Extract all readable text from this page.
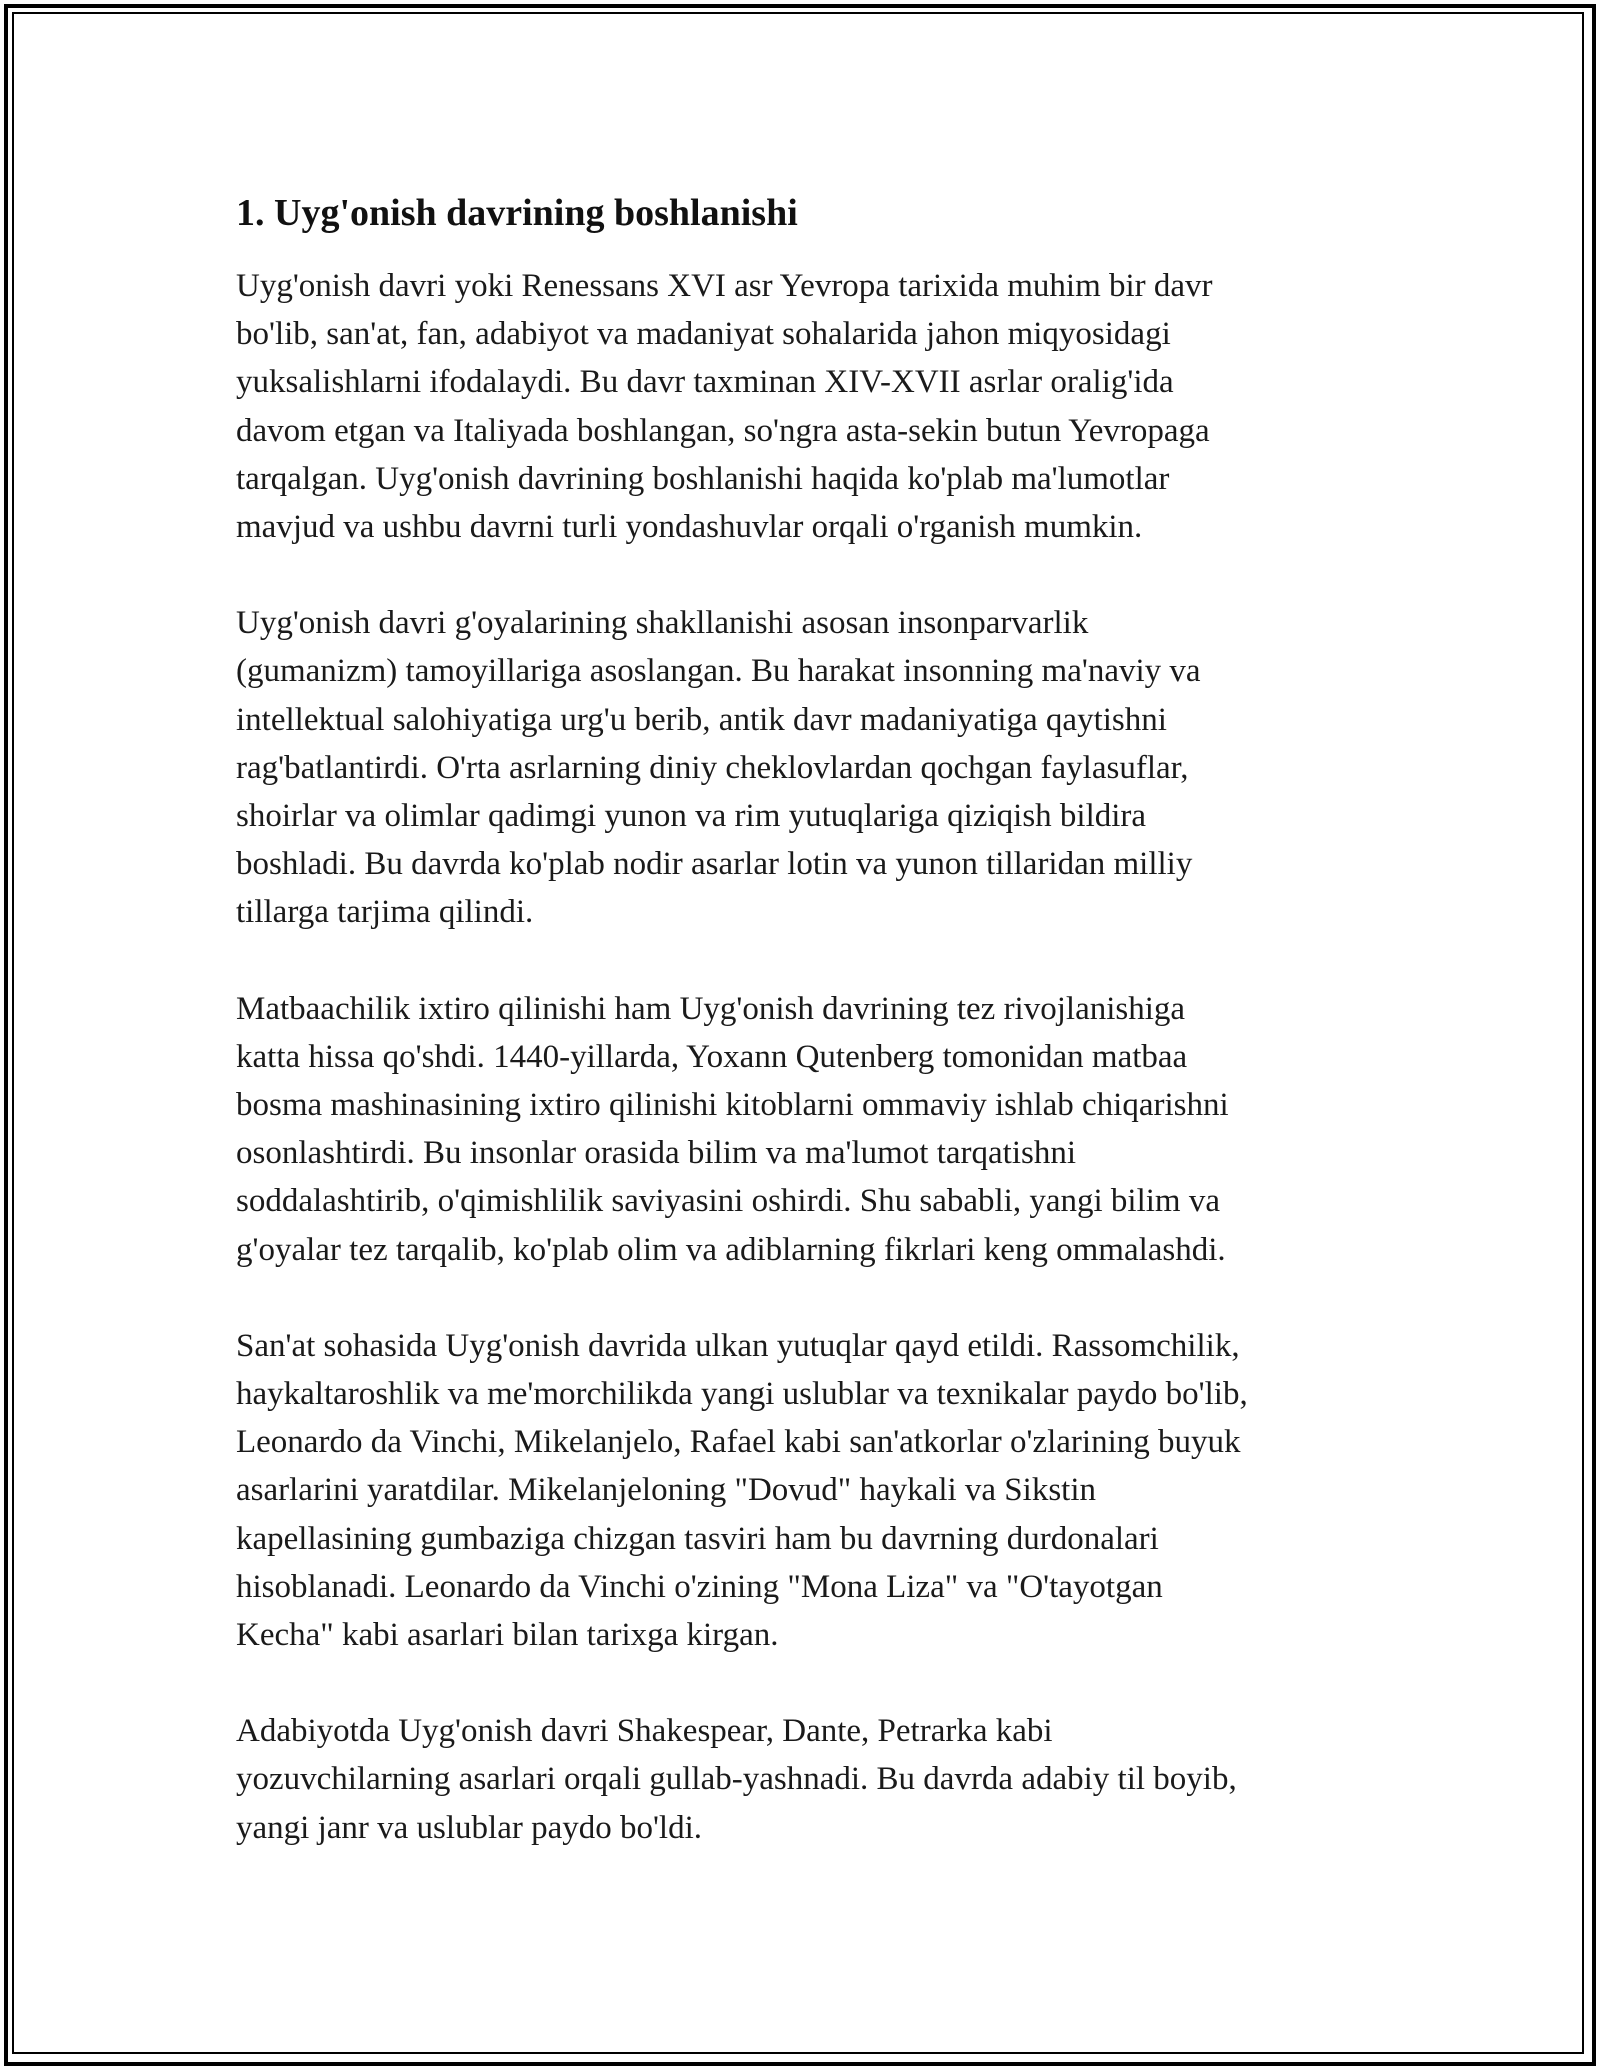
1. Uyg'onish davrining boshlanishi

Uyg'onish davri yoki Renessans XVI asr Yevropa tarixida muhim bir davr
bo'lib, san'at, fan, adabiyot va madaniyat sohalarida jahon miqyosidagi
yuksalishlarni ifodalaydi. Bu davr taxminan XIV-XVII asrlar oralig'ida
davom etgan va Italiyada boshlangan, so'ngra asta-sekin butun Yevropaga
tarqalgan. Uyg'onish davrining boshlanishi haqida ko'plab ma'lumotlar
mavjud va ushbu davrni turli yondashuvlar orqali o'rganish mumkin.

Uyg'onish davri g'oyalarining shakllanishi asosan insonparvarlik
(gumanizm) tamoyillariga asoslangan. Bu harakat insonning ma'naviy va
intellektual salohiyatiga urg'u berib, antik davr madaniyatiga qaytishni
rag'batlantirdi. O'rta asrlarning diniy cheklovlardan qochgan faylasuflar,
shoirlar va olimlar qadimgi yunon va rim yutuqlariga qiziqish bildira
boshladi. Bu davrda ko'plab nodir asarlar lotin va yunon tillaridan milliy
tillarga tarjima qilindi.

Matbaachilik ixtiro qilinishi ham Uyg'onish davrining tez rivojlanishiga
katta hissa qo'shdi. 1440-yillarda, Yoxann Qutenberg tomonidan matbaa
bosma mashinasining ixtiro qilinishi kitoblarni ommaviy ishlab chiqarishni
osonlashtirdi. Bu insonlar orasida bilim va ma'lumot tarqatishni
soddalashtirib, o'qimishlilik saviyasini oshirdi. Shu sababli, yangi bilim va
g'oyalar tez tarqalib, ko'plab olim va adiblarning fikrlari keng ommalashdi.

San'at sohasida Uyg'onish davrida ulkan yutuqlar qayd etildi. Rassomchilik,
haykaltaroshlik va me'morchilikda yangi uslublar va texnikalar paydo bo'lib,
Leonardo da Vinchi, Mikelanjelo, Rafael kabi san'atkorlar o'zlarining buyuk
asarlarini yaratdilar. Mikelanjeloning "Dovud" haykali va Sikstin
kapellasining gumbaziga chizgan tasviri ham bu davrning durdonalari
hisoblanadi. Leonardo da Vinchi o'zining "Mona Liza" va "O'tayotgan
Kecha" kabi asarlari bilan tarixga kirgan.

Adabiyotda Uyg'onish davri Shakespear, Dante, Petrarka kabi
yozuvchilarning asarlari orqali gullab-yashnadi. Bu davrda adabiy til boyib,
yangi janr va uslublar paydo bo'ldi.
